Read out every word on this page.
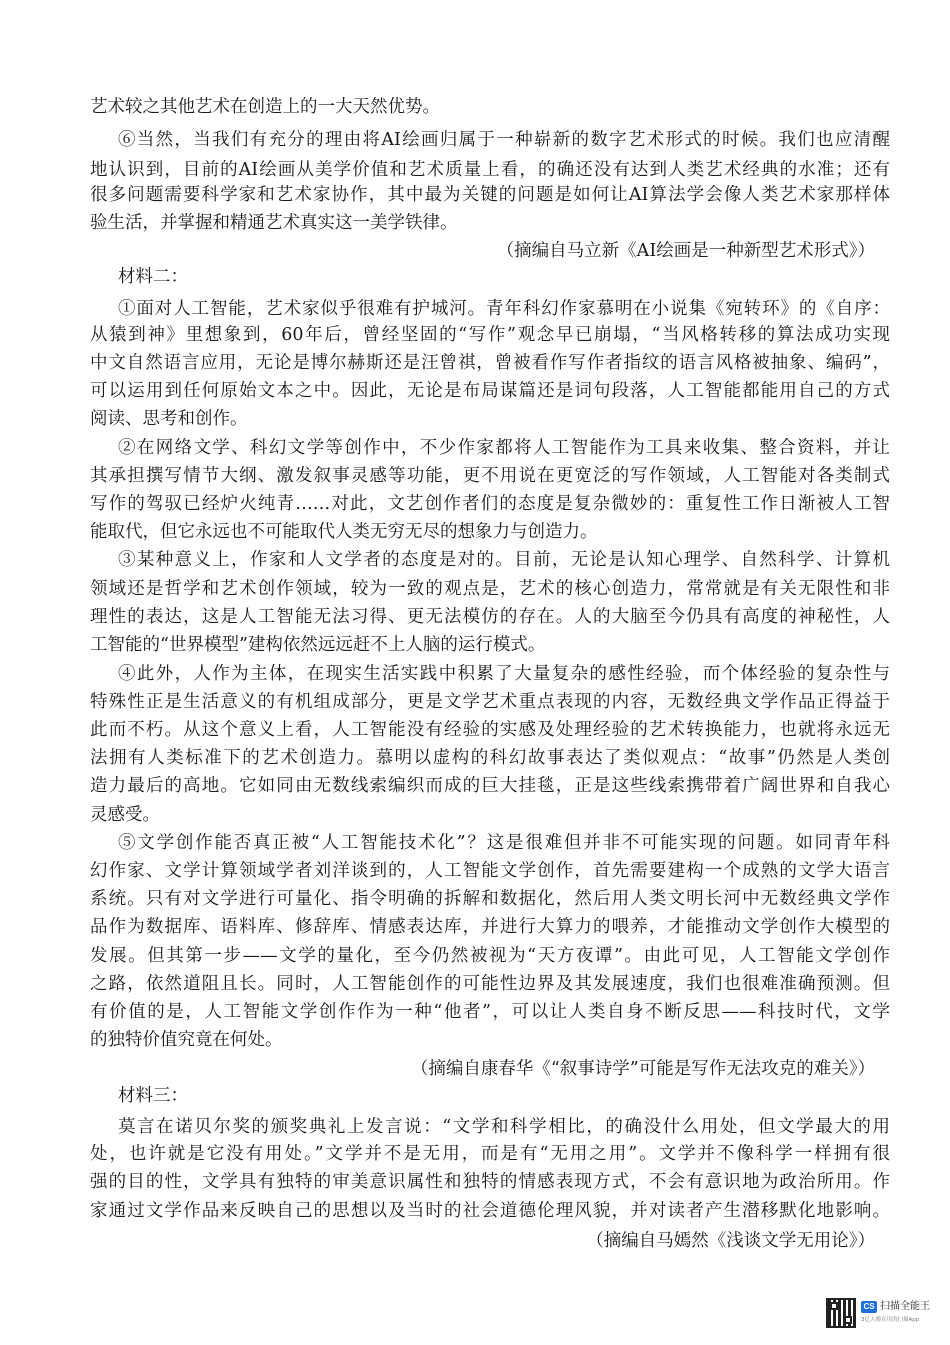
艺术较之其他艺术在创造上的一大天然优势。
⑥当然，当我们有充分的理由将AI绘画归属于一种崭新的数字艺术形式的时候。我们也应清醒
地认识到，目前的AI绘画从美学价值和艺术质量上看，的确还没有达到人类艺术经典的水准；还有
很多问题需要科学家和艺术家协作，其中最为关键的问题是如何让AI算法学会像人类艺术家那样体
验生活，并掌握和精通艺术真实这一美学铁律。
（摘编自马立新《AI绘画是一种新型艺术形式》）
材料二：
①面对人工智能，艺术家似乎很难有护城河。青年科幻作家慕明在小说集《宛转环》的《自序：
从猿到神》里想象到，60年后，曾经坚固的“写作”观念早已崩塌，“当风格转移的算法成功实现
中文自然语言应用，无论是博尔赫斯还是汪曾祺，曾被看作写作者指纹的语言风格被抽象、编码”，
可以运用到任何原始文本之中。因此，无论是布局谋篇还是词句段落，人工智能都能用自己的方式
阅读、思考和创作。
②在网络文学、科幻文学等创作中，不少作家都将人工智能作为工具来收集、整合资料，并让
其承担撰写情节大纲、激发叙事灵感等功能，更不用说在更宽泛的写作领域，人工智能对各类制式
写作的驾驭已经炉火纯青……对此，文艺创作者们的态度是复杂微妙的：重复性工作日渐被人工智
能取代，但它永远也不可能取代人类无穷无尽的想象力与创造力。
③某种意义上，作家和人文学者的态度是对的。目前，无论是认知心理学、自然科学、计算机
领域还是哲学和艺术创作领域，较为一致的观点是，艺术的核心创造力，常常就是有关无限性和非
理性的表达，这是人工智能无法习得、更无法模仿的存在。人的大脑至今仍具有高度的神秘性，人
工智能的“世界模型”建构依然远远赶不上人脑的运行模式。
④此外，人作为主体，在现实生活实践中积累了大量复杂的感性经验，而个体经验的复杂性与
特殊性正是生活意义的有机组成部分，更是文学艺术重点表现的内容，无数经典文学作品正得益于
此而不朽。从这个意义上看，人工智能没有经验的实感及处理经验的艺术转换能力，也就将永远无
法拥有人类标准下的艺术创造力。慕明以虚构的科幻故事表达了类似观点：“故事”仍然是人类创
造力最后的高地。它如同由无数线索编织而成的巨大挂毯，正是这些线索携带着广阔世界和自我心
灵感受。
⑤文学创作能否真正被“人工智能技术化”？这是很难但并非不可能实现的问题。如同青年科
幻作家、文学计算领域学者刘洋谈到的，人工智能文学创作，首先需要建构一个成熟的文学大语言
系统。只有对文学进行可量化、指令明确的拆解和数据化，然后用人类文明长河中无数经典文学作
品作为数据库、语料库、修辞库、情感表达库，并进行大算力的喂养，才能推动文学创作大模型的
发展。但其第一步——文学的量化，至今仍然被视为“天方夜谭”。由此可见，人工智能文学创作
之路，依然道阻且长。同时，人工智能创作的可能性边界及其发展速度，我们也很难准确预测。但
有价值的是，人工智能文学创作作为一种“他者”，可以让人类自身不断反思——科技时代，文学
的独特价值究竟在何处。
（摘编自康春华《“叙事诗学”可能是写作无法攻克的难关》）
材料三：
莫言在诺贝尔奖的颁奖典礼上发言说：“文学和科学相比，的确没什么用处，但文学最大的用
处，也许就是它没有用处。”文学并不是无用，而是有“无用之用”。文学并不像科学一样拥有很
强的目的性，文学具有独特的审美意识属性和独特的情感表现方式，不会有意识地为政治所用。作
家通过文学作品来反映自己的思想以及当时的社会道德伦理风貌，并对读者产生潜移默化地影响。
（摘编自马嫣然《浅谈文学无用论》）
CS 扫描全能王
3亿人都在用的扫描App
